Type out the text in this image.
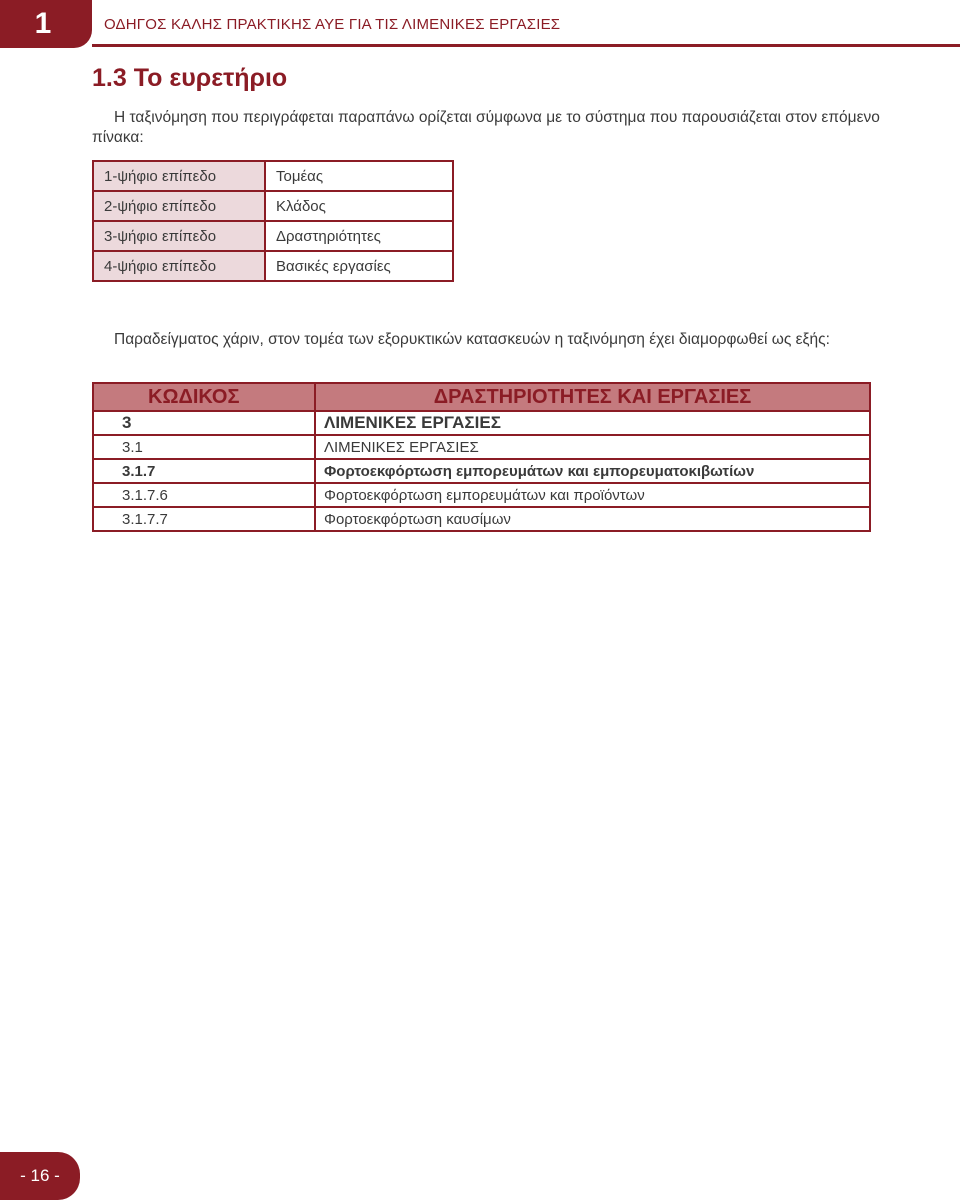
1	ΟΔΗΓΟΣ ΚΑΛΗΣ ΠΡΑΚΤΙΚΗΣ ΑΥΕ ΓΙΑ ΤΙΣ ΛΙΜΕΝΙΚΕΣ ΕΡΓΑΣΙΕΣ
1.3 Το ευρετήριο
Η ταξινόμηση που περιγράφεται παραπάνω ορίζεται σύμφωνα με το σύστημα που παρουσιάζεται στον επόμενο πίνακα:
1-ψήφιο επίπεδο	Τομέας
2-ψήφιο επίπεδο	Κλάδος
3-ψήφιο επίπεδο	Δραστηριότητες
4-ψήφιο επίπεδο	Βασικές εργασίες
Παραδείγματος χάριν, στον τομέα των εξορυκτικών κατασκευών η ταξινόμηση έχει διαμορφωθεί ως εξής:
ΚΩΔΙΚΟΣ	ΔΡΑΣΤΗΡΙΟΤΗΤΕΣ ΚΑΙ ΕΡΓΑΣΙΕΣ
3	ΛΙΜΕΝΙΚΕΣ ΕΡΓΑΣΙΕΣ
3.1	ΛΙΜΕΝΙΚΕΣ ΕΡΓΑΣΙΕΣ
3.1.7	Φορτοεκφόρτωση εμπορευμάτων και εμπορευματοκιβωτίων
3.1.7.6	Φορτοεκφόρτωση εμπορευμάτων και προϊόντων
3.1.7.7	Φορτοεκφόρτωση καυσίμων
- 16 -
